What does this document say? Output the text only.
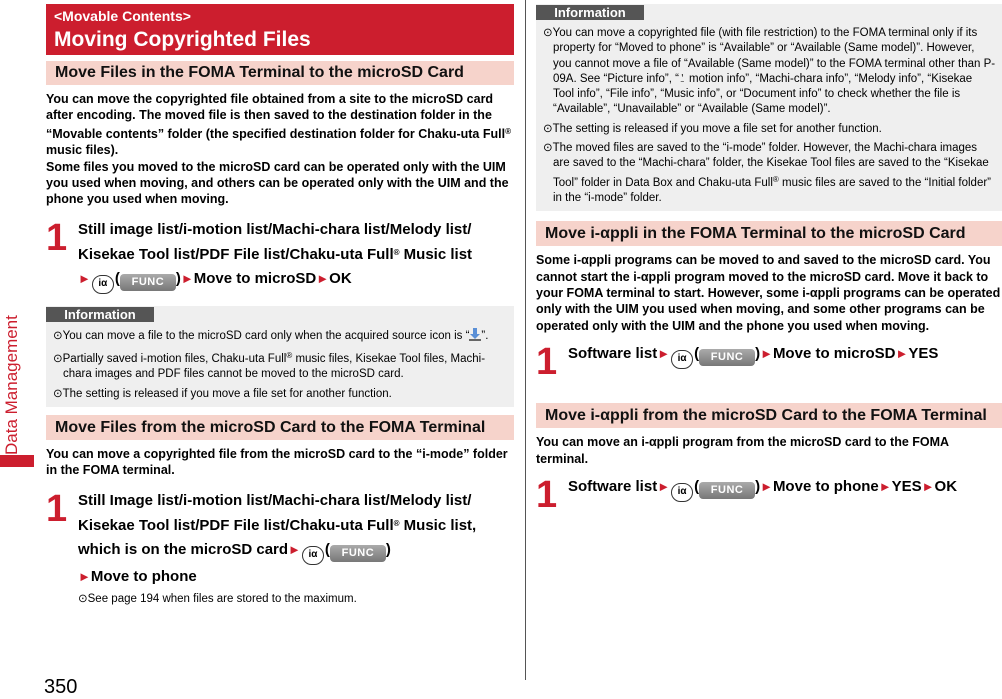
Data Management
350
<Movable Contents>
Moving Copyrighted Files
Move Files in the FOMA Terminal to the microSD Card
You can move the copyrighted file obtained from a site to the microSD card after encoding. The moved file is then saved to the destination folder in the “Movable contents” folder (the specified destination folder for Chaku-uta Full® music files).
Some files you moved to the microSD card can be operated only with the UIM you used when moving, and others can be operated only with the UIM and the phone you used when moving.
1 Still image list/i-motion list/Machi-chara list/Melody list/ Kisekae Tool list/PDF File list/Chaku-uta Full® Music list
► iα ( FUNC )►Move to microSD►OK
Information
⊙You can move a file to the microSD card only when the acquired source icon is “ ”.
⊙Partially saved i-motion files, Chaku-uta Full® music files, Kisekae Tool files, Machi-chara images and PDF files cannot be moved to the microSD card.
⊙The setting is released if you move a file set for another function.
Move Files from the microSD Card to the FOMA Terminal
You can move a copyrighted file from the microSD card to the “i-mode” folder in the FOMA terminal.
1 Still Image list/i-motion list/Machi-chara list/Melody list/ Kisekae Tool list/PDF File list/Chaku-uta Full® Music list, which is on the microSD card► iα ( FUNC )
►Move to phone
⊙See page 194 when files are stored to the maximum.
Information
⊙You can move a copyrighted file (with file restriction) to the FOMA terminal only if its property for “Moved to phone” is “Available” or “Available (Same model)”. However, you cannot move a file of “Available (Same model)” to the FOMA terminal other than P-09A. See “Picture info”, “⍘ motion info”, “Machi-chara info”, “Melody info”, “Kisekae Tool info”, “File info”, “Music info”, or “Document info” to check whether the file is “Available”, “Unavailable” or “Available (Same model)”.
⊙The setting is released if you move a file set for another function.
⊙The moved files are saved to the “i-mode” folder. However, the Machi-chara images are saved to the “Machi-chara” folder, the Kisekae Tool files are saved to the “Kisekae Tool” folder in Data Box and Chaku-uta Full® music files are saved to the “Initial folder” in the “i-mode” folder.
Move i-αppli in the FOMA Terminal to the microSD Card
Some i-αppli programs can be moved to and saved to the microSD card. You cannot start the i-αppli program moved to the microSD card. Move it back to your FOMA terminal to start. However, some i-αppli programs can be operated only with the UIM you used when moving, and some other programs can be operated only with the UIM and the phone you used when moving.
1 Software list► iα ( FUNC )►Move to microSD►YES
Move i-αppli from the microSD Card to the FOMA Terminal
You can move an i-αppli program from the microSD card to the FOMA terminal.
1 Software list► iα ( FUNC )►Move to phone►YES►OK
